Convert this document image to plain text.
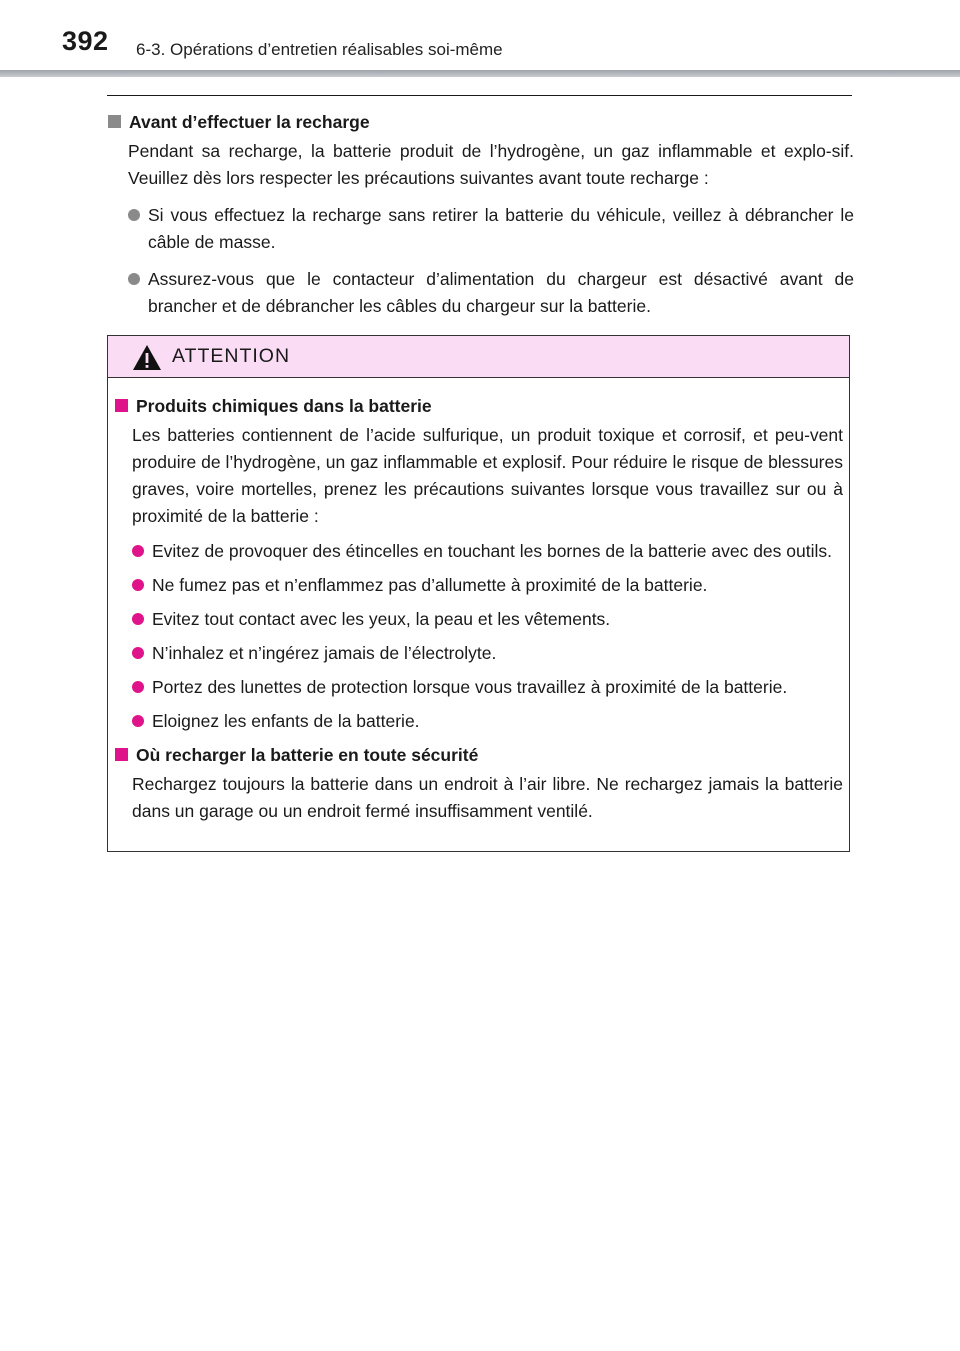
392 6-3. Opérations d’entretien réalisables soi-même
Avant d’effectuer la recharge
Pendant sa recharge, la batterie produit de l’hydrogène, un gaz inflammable et explo-sif. Veuillez dès lors respecter les précautions suivantes avant toute recharge :
Si vous effectuez la recharge sans retirer la batterie du véhicule, veillez à débrancher le câble de masse.
Assurez-vous que le contacteur d’alimentation du chargeur est désactivé avant de brancher et de débrancher les câbles du chargeur sur la batterie.
ATTENTION
Produits chimiques dans la batterie
Les batteries contiennent de l’acide sulfurique, un produit toxique et corrosif, et peu-vent produire de l’hydrogène, un gaz inflammable et explosif. Pour réduire le risque de blessures graves, voire mortelles, prenez les précautions suivantes lorsque vous travaillez sur ou à proximité de la batterie :
Evitez de provoquer des étincelles en touchant les bornes de la batterie avec des outils.
Ne fumez pas et n’enflammez pas d’allumette à proximité de la batterie.
Evitez tout contact avec les yeux, la peau et les vêtements.
N’inhalez et n’ingérez jamais de l’électrolyte.
Portez des lunettes de protection lorsque vous travaillez à proximité de la batterie.
Eloignez les enfants de la batterie.
Où recharger la batterie en toute sécurité
Rechargez toujours la batterie dans un endroit à l’air libre. Ne rechargez jamais la batterie dans un garage ou un endroit fermé insuffisamment ventilé.
